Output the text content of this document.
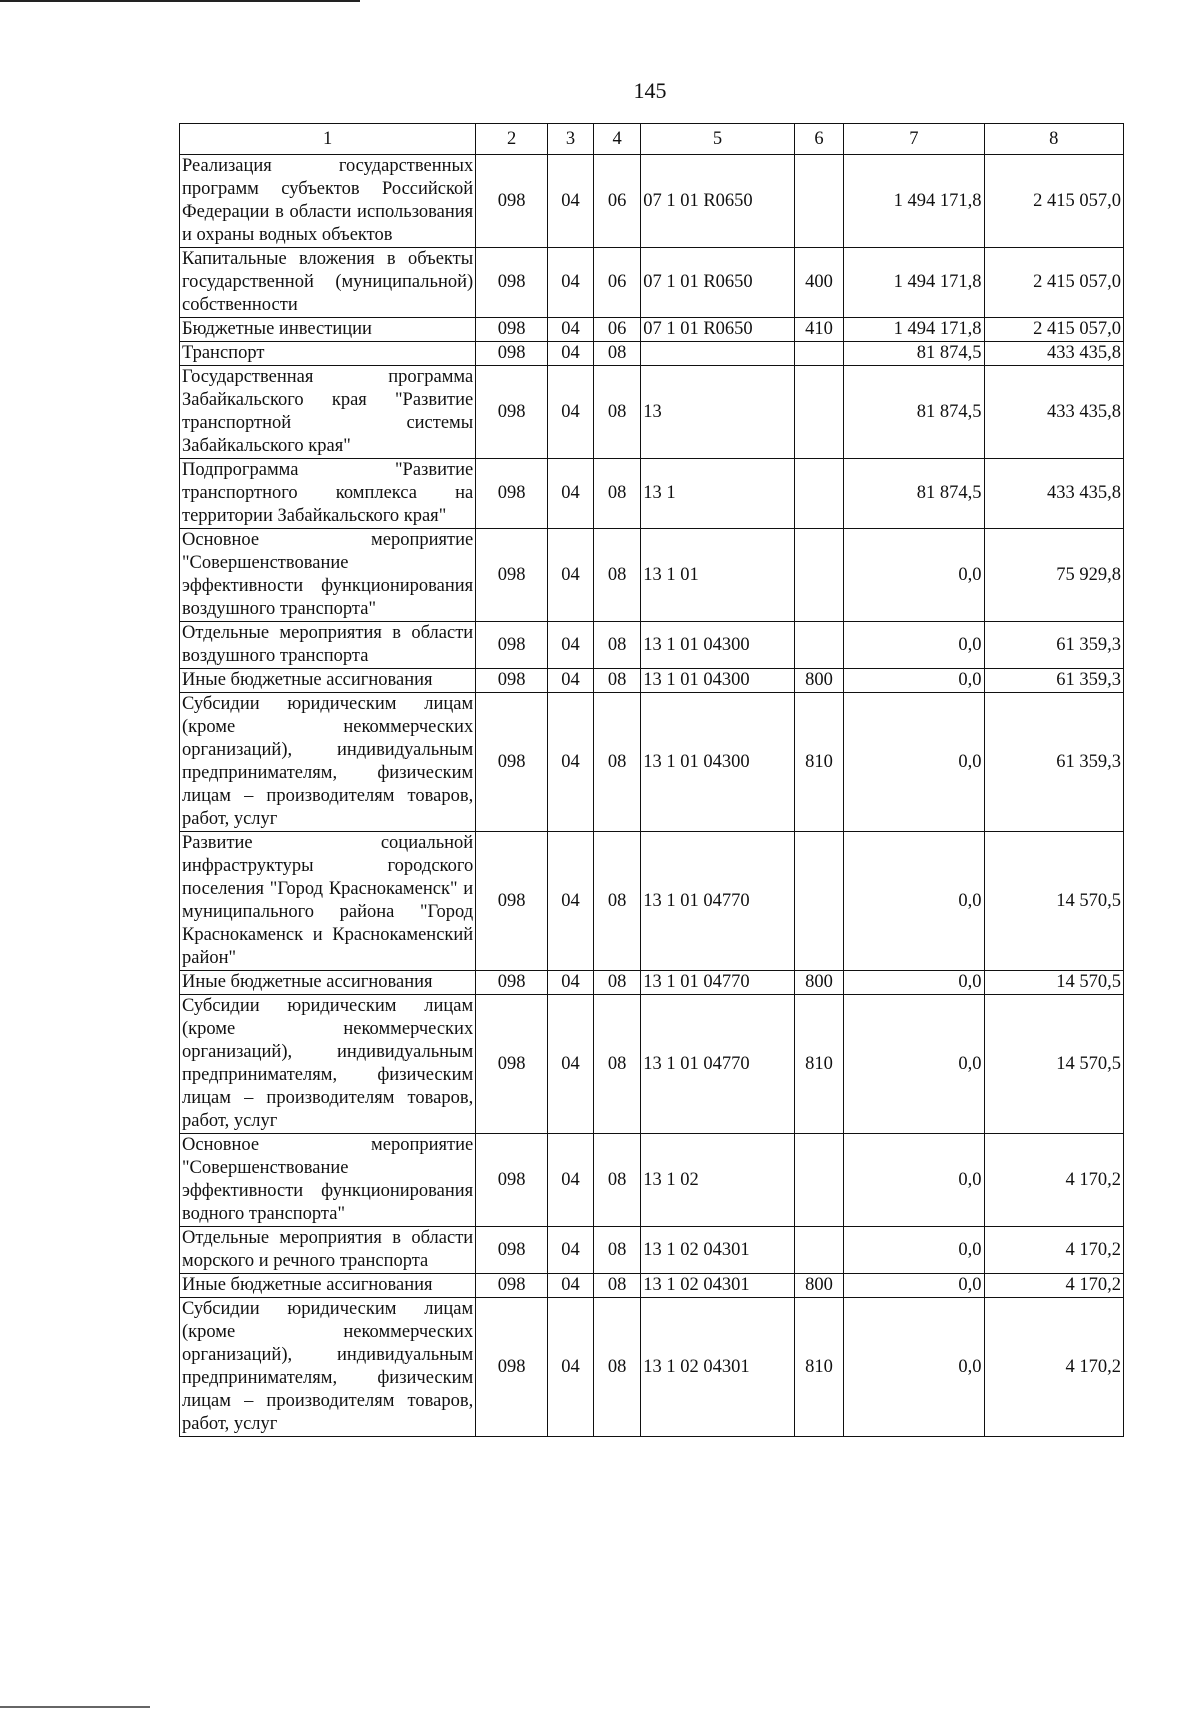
145
1	2	3	4	5	6	7	8
Реализация государственных программ субъектов Российской Федерации в области использования и охраны водных объектов	098	04	06	07 1 01 R0650		1 494 171,8	2 415 057,0
Капитальные вложения в объекты государственной (муниципальной) собственности	098	04	06	07 1 01 R0650	400	1 494 171,8	2 415 057,0
Бюджетные инвестиции	098	04	06	07 1 01 R0650	410	1 494 171,8	2 415 057,0
Транспорт	098	04	08			81 874,5	433 435,8
Государственная программа Забайкальского края "Развитие транспортной системы Забайкальского края"	098	04	08	13		81 874,5	433 435,8
Подпрограмма "Развитие транспортного комплекса на территории Забайкальского края"	098	04	08	13 1		81 874,5	433 435,8
Основное мероприятие "Совершенствование эффективности функционирования воздушного транспорта"	098	04	08	13 1 01		0,0	75 929,8
Отдельные мероприятия в области воздушного транспорта	098	04	08	13 1 01 04300		0,0	61 359,3
Иные бюджетные ассигнования	098	04	08	13 1 01 04300	800	0,0	61 359,3
Субсидии юридическим лицам (кроме некоммерческих организаций), индивидуальным предпринимателям, физическим лицам – производителям товаров, работ, услуг	098	04	08	13 1 01 04300	810	0,0	61 359,3
Развитие социальной инфраструктуры городского поселения "Город Краснокаменск" и муниципального района "Город Краснокаменск и Краснокаменский район"	098	04	08	13 1 01 04770		0,0	14 570,5
Иные бюджетные ассигнования	098	04	08	13 1 01 04770	800	0,0	14 570,5
Субсидии юридическим лицам (кроме некоммерческих организаций), индивидуальным предпринимателям, физическим лицам – производителям товаров, работ, услуг	098	04	08	13 1 01 04770	810	0,0	14 570,5
Основное мероприятие "Совершенствование эффективности функционирования водного транспорта"	098	04	08	13 1 02		0,0	4 170,2
Отдельные мероприятия в области морского и речного транспорта	098	04	08	13 1 02 04301		0,0	4 170,2
Иные бюджетные ассигнования	098	04	08	13 1 02 04301	800	0,0	4 170,2
Субсидии юридическим лицам (кроме некоммерческих организаций), индивидуальным предпринимателям, физическим лицам – производителям товаров, работ, услуг	098	04	08	13 1 02 04301	810	0,0	4 170,2
